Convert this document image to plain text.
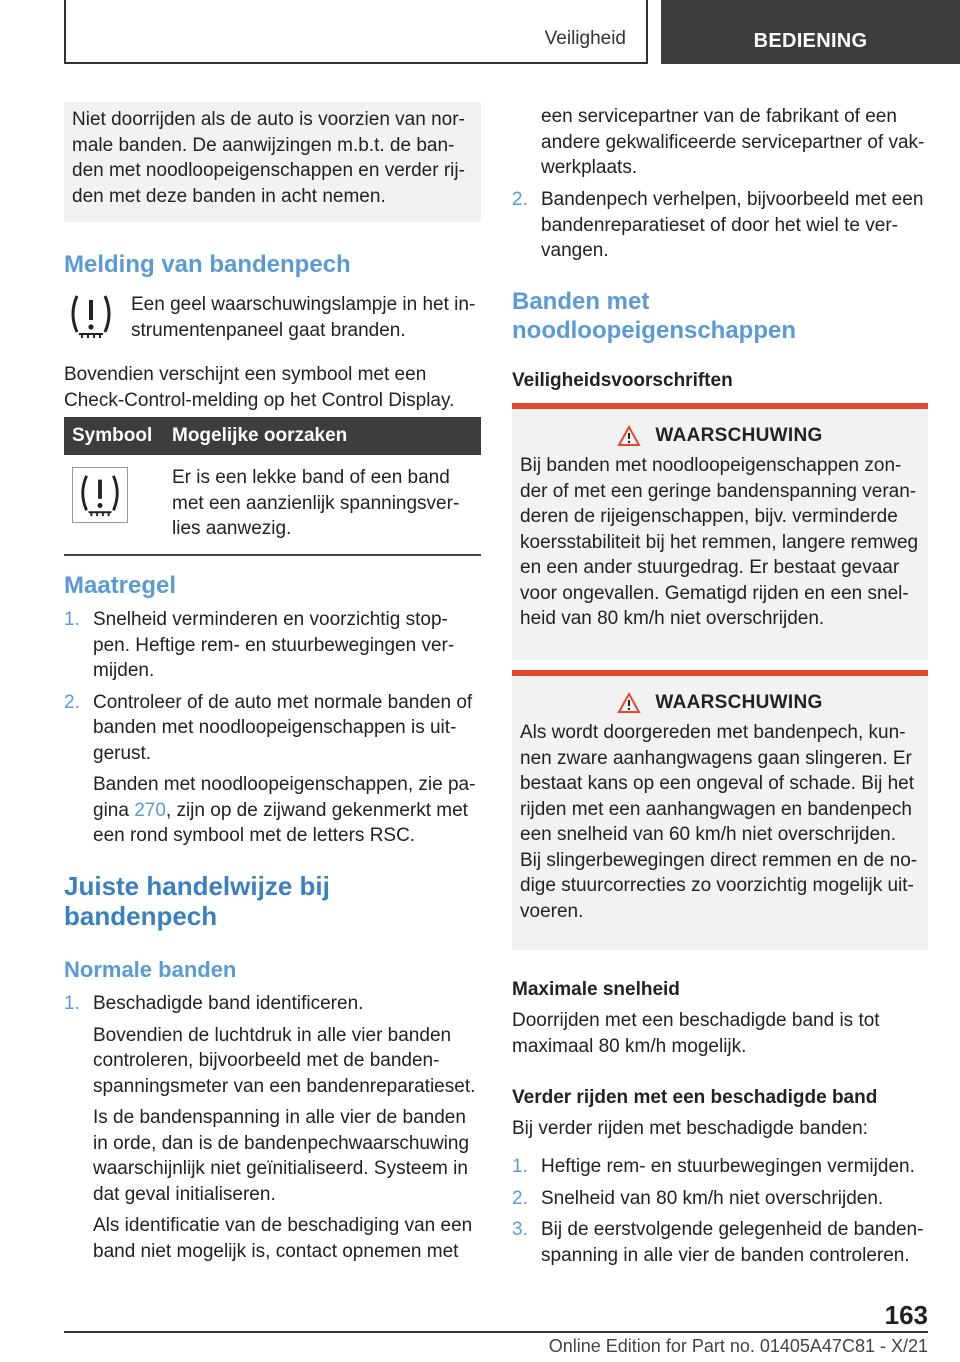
Veiligheid	BEDIENING

Niet doorrijden als de auto is voorzien van nor-male banden. De aanwijzingen m.b.t. de ban-den met noodloopeigenschappen en verder rij-den met deze banden in acht nemen.

Melding van bandenpech

Een geel waarschuwingslampje in het in-strumentenpaneel gaat branden.

Bovendien verschijnt een symbool met een Check-Control-melding op het Control Display.

Symbool	Mogelijke oorzaken
	Er is een lekke band of een band met een aanzienlijk spanningsver-lies aanwezig.
Maatregel
1. Snelheid verminderen en voorzichtig stop-pen. Heftige rem- en stuurbewegingen ver-mijden.
2. Controleer of de auto met normale banden of banden met noodloopeigenschappen is uit-gerust.
Banden met noodloopeigenschappen, zie pa-gina 270, zijn op de zijwand gekenmerkt met een rond symbool met de letters RSC.
Juiste handelwijze bij bandenpech
Normale banden
1. Beschadigde band identificeren.
Bovendien de luchtdruk in alle vier banden controleren, bijvoorbeeld met de banden-spanningsmeter van een bandenreparatieset.
Is de bandenspanning in alle vier de banden in orde, dan is de bandenpechwaarschuwing waarschijnlijk niet geïnitialiseerd. Systeem in dat geval initialiseren.
Als identificatie van de beschadiging van een band niet mogelijk is, contact opnemen met

een servicepartner van de fabrikant of een andere gekwalificeerde servicepartner of vak-werkplaats.

2. Bandenpech verhelpen, bijvoorbeeld met een bandenreparatieset of door het wiel te ver-vangen.
Banden met noodloopeigenschappen
Veiligheidsvoorschriften
WAARSCHUWING

Bij banden met noodloopeigenschappen zon-der of met een geringe bandenspanning veran-deren de rijeigenschappen, bijv. verminderde koersstabiliteit bij het remmen, langere remweg en een ander stuurgedrag. Er bestaat gevaar voor ongevallen. Gematigd rijden en een snel-heid van 80 km/h niet overschrijden.

WAARSCHUWING

Als wordt doorgereden met bandenpech, kun-nen zware aanhangwagens gaan slingeren. Er bestaat kans op een ongeval of schade. Bij het rijden met een aanhangwagen en bandenpech een snelheid van 60 km/h niet overschrijden. Bij slingerbewegingen direct remmen en de no-dige stuurcorrecties zo voorzichtig mogelijk uit-voeren.

Maximale snelheid

Doorrijden met een beschadigde band is tot maximaal 80 km/h mogelijk.

Verder rijden met een beschadigde band

Bij verder rijden met beschadigde banden:

1. Heftige rem- en stuurbewegingen vermijden.
2. Snelheid van 80 km/h niet overschrijden.
3. Bij de eerstvolgende gelegenheid de banden-spanning in alle vier de banden controleren.
163
Online Edition for Part no. 01405A47C81 - X/21
